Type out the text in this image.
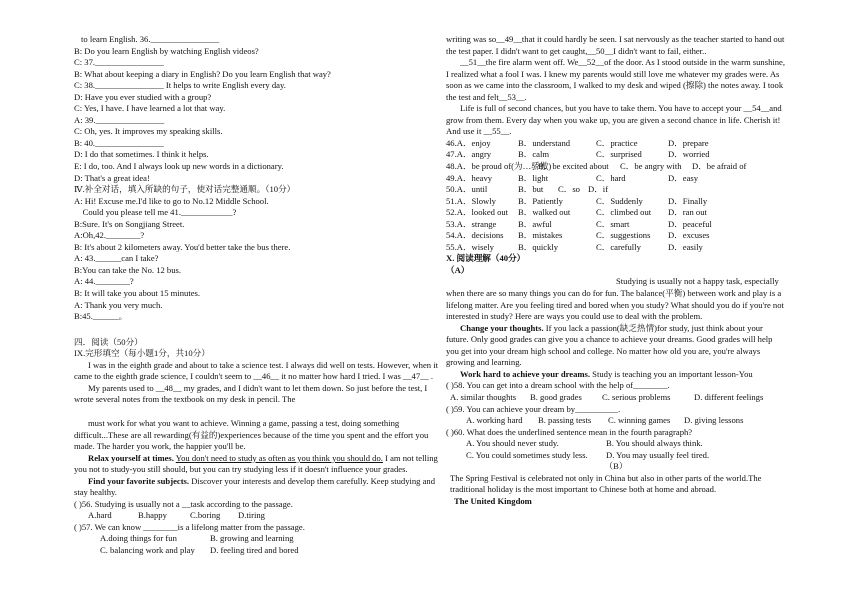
to learn English. 36.________________
B: Do you learn English by watching English videos?
C: 37.________________
B: What about keeping a diary in English? Do you learn English that way?
C: 38.________________ It helps to write English every day.
D: Have you ever studied with a group?
C: Yes, I have. I have learned a lot that way.
A: 39.________________
C: Oh, yes. It improves my speaking skills.
B: 40.________________
D: I do that sometimes. I think it helps.
E: I do, too. And I always look up new words in a dictionary.
D: That's a great idea!
Ⅳ.补全对话，填入所缺的句子，使对话完整通顺。（10分）
A: Hi! Excuse me.I'd like to go to No.12 Middle School.
Could you please tell me 41.____________?
B:Sure. It's on Songjiang Street.
A:Oh,42.________?
B: It's about 2 kilometers away. You'd better take the bus there.
A: 43.______can I take?
B:You can take the No. 12 bus.
A: 44.________?
B: It will take you about 15 minutes.
A: Thank you very much.
B:45.______。
四．阅读（50分）
IX.完形填空（每小题1分，共10分）
I was in the eighth grade and about to take a science test. I always did well on tests. However, when it came to the eighth grade science, I couldn't seem to __46__ it no matter how hard I tried. I was __47__ .
My parents used to __48__ my grades, and I didn't want to let them down. So just before the test, I wrote several notes from the textbook on my desk in pencil. The
must work for what you want to achieve. Winning a game, passing a test, doing something difficult...These are all rewarding(有益的)experiences because of the time you spent and the effort you made. The harder you work, the happier you'll be.
Relax yourself at times. You don't need to study as often as you think you should do. I am not telling you not to study-you still should, but you can try studying less if it doesn't influence your grades.
Find your favorite subjects. Discover your interests and develop them carefully. Keep studying and stay healthy.
( )56. Studying is usually not a __task according to the passage.
A.hard	B.happy	C.boring D.tiring
( )57. We can know ________is a lifelong matter from the passage.
A.doing things for fun	B. growing and learning
C. balancing work and play D. feeling tired and bored
writing was so__49__that it could hardly be seen. I sat nervously as the teacher started to hand out the test paper. I didn't want to get caught,__50__I didn't want to fail, either..
__51__the fire alarm went off. We__52__of the door. As I stood outside in the warm sunshine, I realized what a fool I was. I knew my parents would still love me whatever my grades were. As soon as we came into the classroom, I walked to my desk and wiped (擦除) the notes away. I took the test and felt__53__.
Life is full of second chances, but you have to take them. You have to accept your __54__and grow from them. Every day when you wake up, you are given a second chance in life. Cherish it! And use it __55__.
46.A．enjoy	B．understand	C．practice	D．prepare
47.A．angry	B．calm	C．surprised	D．worried
48.A．be proud of(为…骄傲)B．be excited about C．be angry with D．be afraid of
49.A．heavy	B．light	C．hard	D．easy
50.A．until	B．but C．so D．if
51.A．Slowly	B．Patiently	C．Suddenly	D．Finally
52.A．looked out B．walked out	C．climbed out D．ran out
53.A．strange	B．awful	C．smart	D．peaceful
54.A．decisions B．mistakes	C．suggestions D．excuses
55.A．wisely	B．quickly	C．carefully	D．easily
X. 阅读理解（40分）
（A）
Studying is usually not a happy task, especially when there are so many things you can do for fun. The balance(平衡) between work and play is a lifelong matter. Are you feeling tired and bored when you study? What should you do if you're not interested in study? Here are ways you could use to deal with the problem.
Change your thoughts. If you lack a passion(缺乏热情)for study, just think about your future. Only good grades can give you a chance to achieve your dreams. Good grades will help you get into your dream high school and college. No matter how old you are, you're always growing and learning.
Work hard to achieve your dreams. Study is teaching you an important lesson-You
( )58. You can get into a dream school with the help of________.
A. similar thoughts B. good grades C. serious problems	D. different feelings
( )59. You can achieve your dream by__________.
A. working hard B. passing tests C. winning games D. giving lessons
( )60. What does the underlined sentence mean in the fourth paragraph?
A. You should never study.	B. You should always think.
C. You could sometimes study less. D. You may usually feel tired.
（B）
The Spring Festival is celebrated not only in China but also in other parts of the world.The traditional holiday is the most important to Chinese both at home and abroad.
The United Kingdom
